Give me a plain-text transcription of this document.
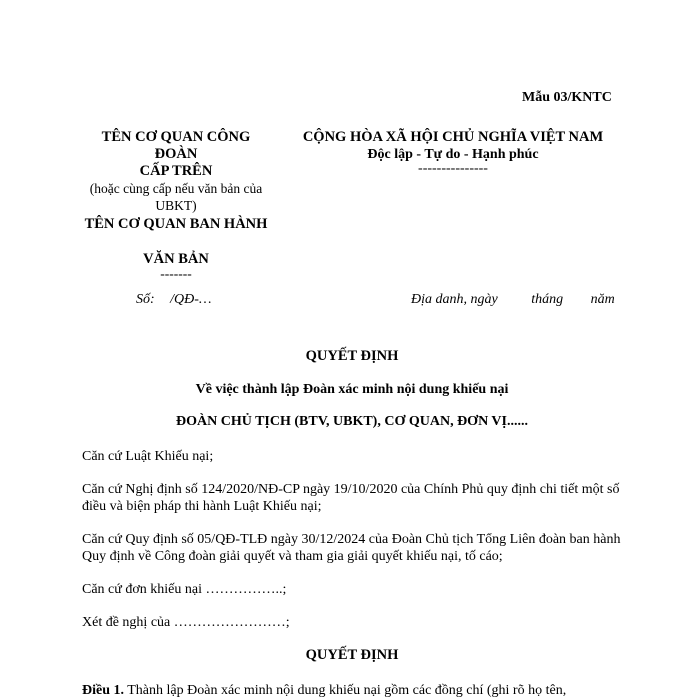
Mẫu 03/KNTC
TÊN CƠ QUAN CÔNG
ĐOÀN
CẤP TRÊN
(hoặc cùng cấp nếu văn bản của
UBKT)
TÊN CƠ QUAN BAN HÀNH
VĂN BẢN
-------
CỘNG HÒA XÃ HỘI CHỦ NGHĨA VIỆT NAM
Độc lập - Tự do - Hạnh phúc
---------------
Số: /QĐ-…	Địa danh, ngày tháng năm
QUYẾT ĐỊNH
Về việc thành lập Đoàn xác minh nội dung khiếu nại
ĐOÀN CHỦ TỊCH (BTV, UBKT), CƠ QUAN, ĐƠN VỊ......
Căn cứ Luật Khiếu nại;
Căn cứ Nghị định số 124/2020/NĐ-CP ngày 19/10/2020 của Chính Phủ quy định chi tiết một số điều và biện pháp thi hành Luật Khiếu nại;
Căn cứ Quy định số 05/QĐ-TLĐ ngày 30/12/2024 của Đoàn Chủ tịch Tổng Liên đoàn ban hành Quy định về Công đoàn giải quyết và tham gia giải quyết khiếu nại, tố cáo;
Căn cứ đơn khiếu nại ……………..;
Xét đề nghị của ……………………;
QUYẾT ĐỊNH
Điều 1. Thành lập Đoàn xác minh nội dung khiếu nại gồm các đồng chí (ghi rõ họ tên,
